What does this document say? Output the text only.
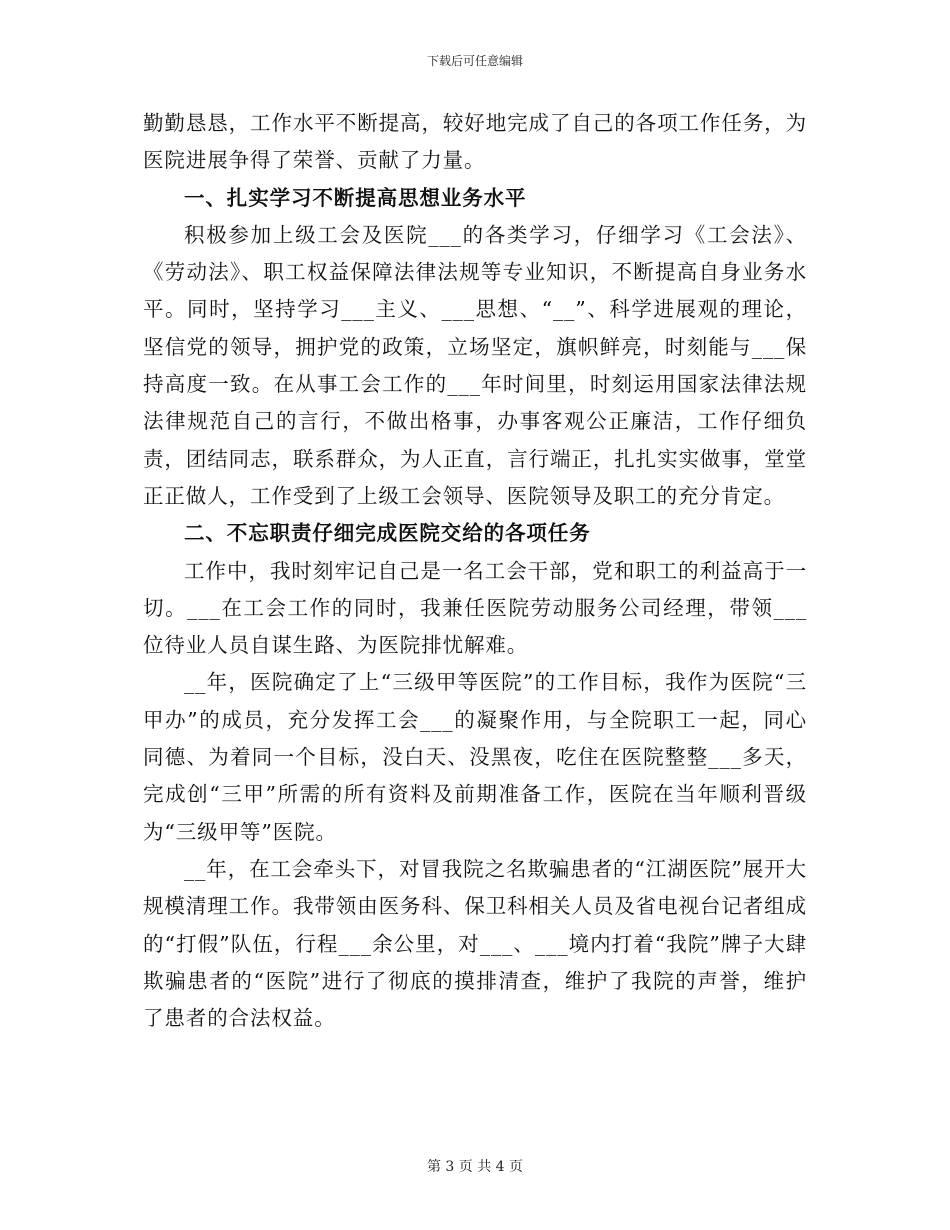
下载后可任意编辑

勤勤恳恳，工作水平不断提高，较好地完成了自己的各项工作任务，为医院进展争得了荣誉、贡献了力量。

一、扎实学习不断提高思想业务水平

积极参加上级工会及医院___的各类学习，仔细学习《工会法》、《劳动法》、职工权益保障法律法规等专业知识，不断提高自身业务水平。同时，坚持学习___主义、___思想、“__”、科学进展观的理论，坚信党的领导，拥护党的政策，立场坚定，旗帜鲜亮，时刻能与___保持高度一致。在从事工会工作的___年时间里，时刻运用国家法律法规法律规范自己的言行，不做出格事，办事客观公正廉洁，工作仔细负责，团结同志，联系群众，为人正直，言行端正，扎扎实实做事，堂堂正正做人，工作受到了上级工会领导、医院领导及职工的充分肯定。

二、不忘职责仔细完成医院交给的各项任务

工作中，我时刻牢记自己是一名工会干部，党和职工的利益高于一切。___在工会工作的同时，我兼任医院劳动服务公司经理，带领___位待业人员自谋生路、为医院排忧解难。

__年，医院确定了上“三级甲等医院”的工作目标，我作为医院“三甲办”的成员，充分发挥工会___的凝聚作用，与全院职工一起，同心同德、为着同一个目标，没白天、没黑夜，吃住在医院整整___多天，完成创“三甲”所需的所有资料及前期准备工作，医院在当年顺利晋级为“三级甲等”医院。

__年，在工会牵头下，对冒我院之名欺骗患者的“江湖医院”展开大规模清理工作。我带领由医务科、保卫科相关人员及省电视台记者组成的“打假”队伍，行程___余公里，对___、___境内打着“我院”牌子大肆欺骗患者的“医院”进行了彻底的摸排清查，维护了我院的声誉，维护了患者的合法权益。

第 3 页 共 4 页
